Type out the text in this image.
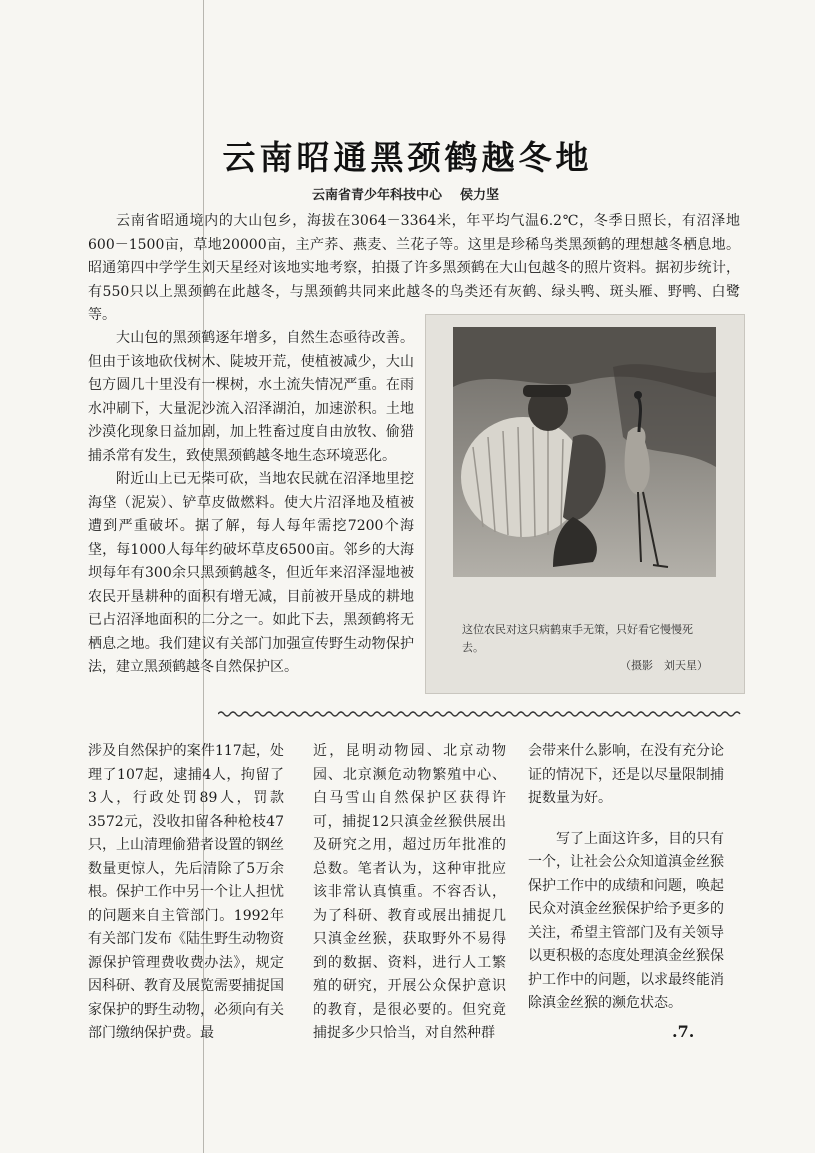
云南昭通黑颈鹤越冬地
云南省青少年科技中心 侯力坚

云南省昭通境内的大山包乡，海拔在3064－3364米，年平均气温6.2℃，冬季日照长，有沼泽地600－1500亩，草地20000亩，主产荞、燕麦、兰花子等。这里是珍稀鸟类黑颈鹤的理想越冬栖息地。昭通第四中学学生刘天星经对该地实地考察，拍摄了许多黑颈鹤在大山包越冬的照片资料。据初步统计，有550只以上黑颈鹤在此越冬，与黑颈鹤共同来此越冬的鸟类还有灰鹤、绿头鸭、斑头雁、野鸭、白鹭等。

大山包的黑颈鹤逐年增多，自然生态亟待改善。但由于该地砍伐树木、陡坡开荒，使植被减少，大山包方圆几十里没有一棵树，水土流失情况严重。在雨水冲刷下，大量泥沙流入沼泽湖泊，加速淤积。土地沙漠化现象日益加剧，加上牲畜过度自由放牧、偷猎捕杀常有发生，致使黑颈鹤越冬地生态环境恶化。

附近山上已无柴可砍，当地农民就在沼泽地里挖海垡（泥炭）、铲草皮做燃料。使大片沼泽地及植被遭到严重破坏。据了解，每人每年需挖7200个海垡，每1000人每年约破坏草皮6500亩。邻乡的大海坝每年有300余只黑颈鹤越冬，但近年来沼泽湿地被农民开垦耕种的面积有增无减，目前被开垦成的耕地已占沼泽地面积的二分之一。如此下去，黑颈鹤将无栖息之地。我们建议有关部门加强宣传野生动物保护法，建立黑颈鹤越冬自然保护区。

这位农民对这只病鹤束手无策，只好看它慢慢死去。
（摄影　刘天星）

涉及自然保护的案件117起，处理了107起，逮捕4人，拘留了3人，行政处罚89人，罚款3572元，没收扣留各种枪枝47只，上山清理偷猎者设置的钢丝数量更惊人，先后清除了5万余根。保护工作中另一个让人担忧的问题来自主管部门。1992年有关部门发布《陆生野生动物资源保护管理费收费办法》，规定因科研、教育及展览需要捕捉国家保护的野生动物，必须向有关部门缴纳保护费。最

近，昆明动物园、北京动物园、北京濒危动物繁殖中心、白马雪山自然保护区获得许可，捕捉12只滇金丝猴供展出及研究之用，超过历年批准的总数。笔者认为，这种审批应该非常认真慎重。不容否认，为了科研、教育或展出捕捉几只滇金丝猴，获取野外不易得到的数据、资料，进行人工繁殖的研究，开展公众保护意识的教育，是很必要的。但究竟捕捉多少只恰当，对自然种群

会带来什么影响，在没有充分论证的情况下，还是以尽量限制捕捉数量为好。

写了上面这许多，目的只有一个，让社会公众知道滇金丝猴保护工作中的成绩和问题，唤起民众对滇金丝猴保护给予更多的关注，希望主管部门及有关领导以更积极的态度处理滇金丝猴保护工作中的问题，以求最终能消除滇金丝猴的濒危状态。

.7.
